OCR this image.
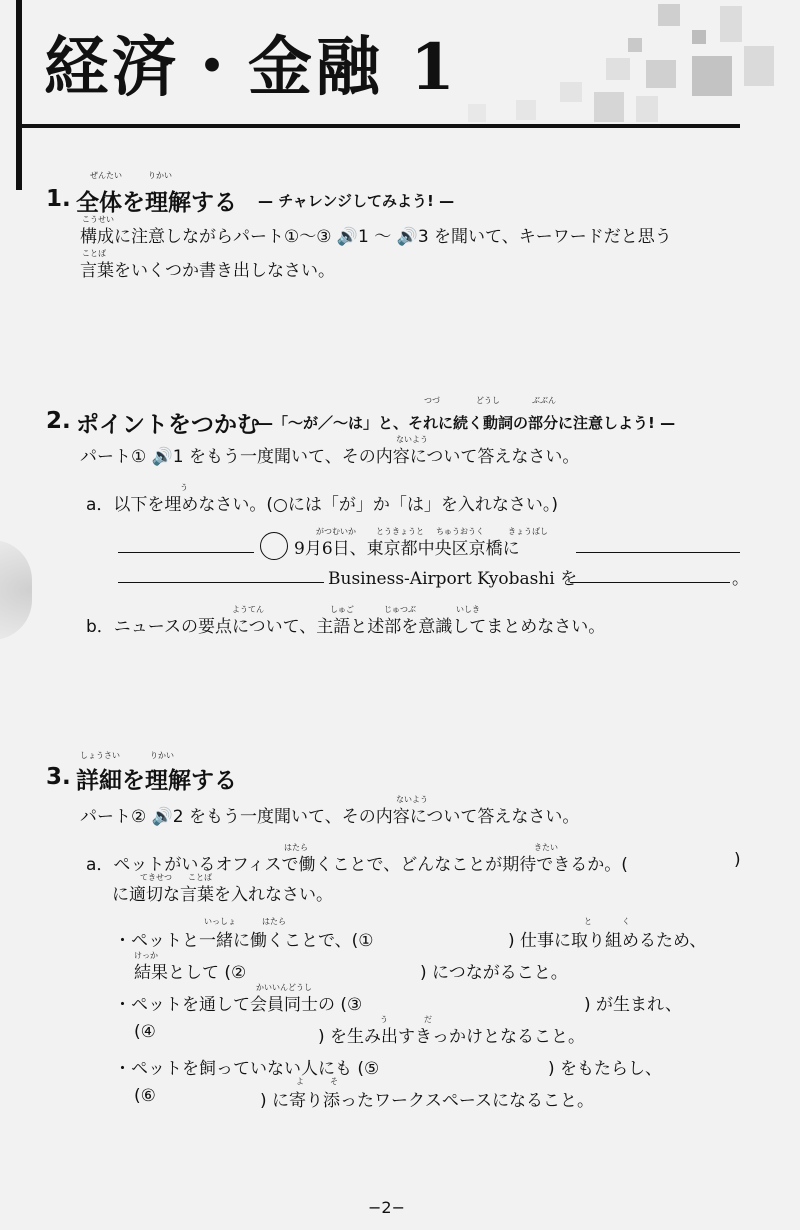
経済・金融 1
ぜんたい	りかい
1. 全体を理解する — チャレンジしてみよう! —
こうせい
構成に注意しながらパート①〜③ 🔊1 〜 🔊3 を聞いて、キーワードだと思う
ことば
言葉をいくつか書き出しなさい。
つづ	どうし	ぶぶん
2. ポイントをつかむ
—「〜が／〜は」と、それに続く動詞の部分に注意しよう! —
ないよう
パート① 🔊1 をもう一度聞いて、その内容について答えなさい。
う
a．以下を埋めなさい。(○には「が」か「は」を入れなさい。)
がつむいか	とうきょうと ちゅうおうく	きょうばし
9月6日、東京都中央区京橋に
Business-Airport Kyobashi を	。
ようてん	しゅご	じゅつぶ	いしき
b．ニュースの要点について、主語と述部を意識してまとめなさい。
しょうさい	りかい
3. 詳細を理解する
ないよう
パート② 🔊2 をもう一度聞いて、その内容について答えなさい。
はたら	きたい
a．ペットがいるオフィスで働くことで、どんなことが期待できるか。(	)
てきせつ ことば
に適切な言葉を入れなさい。
いっしょ	はたら	と	く
・ペットと一緒に働くことで、(①	) 仕事に取り組めるため、
けっか
結果として (②	) につながること。
かいいんどうし
・ペットを通して会員同士の (③	) が生まれ、
う	だ
(④	) を生み出すきっかけとなること。
・ペットを飼っていない人にも (⑤	) をもたらし、
よ	そ
(⑥	) に寄り添ったワークスペースになること。
−2−
